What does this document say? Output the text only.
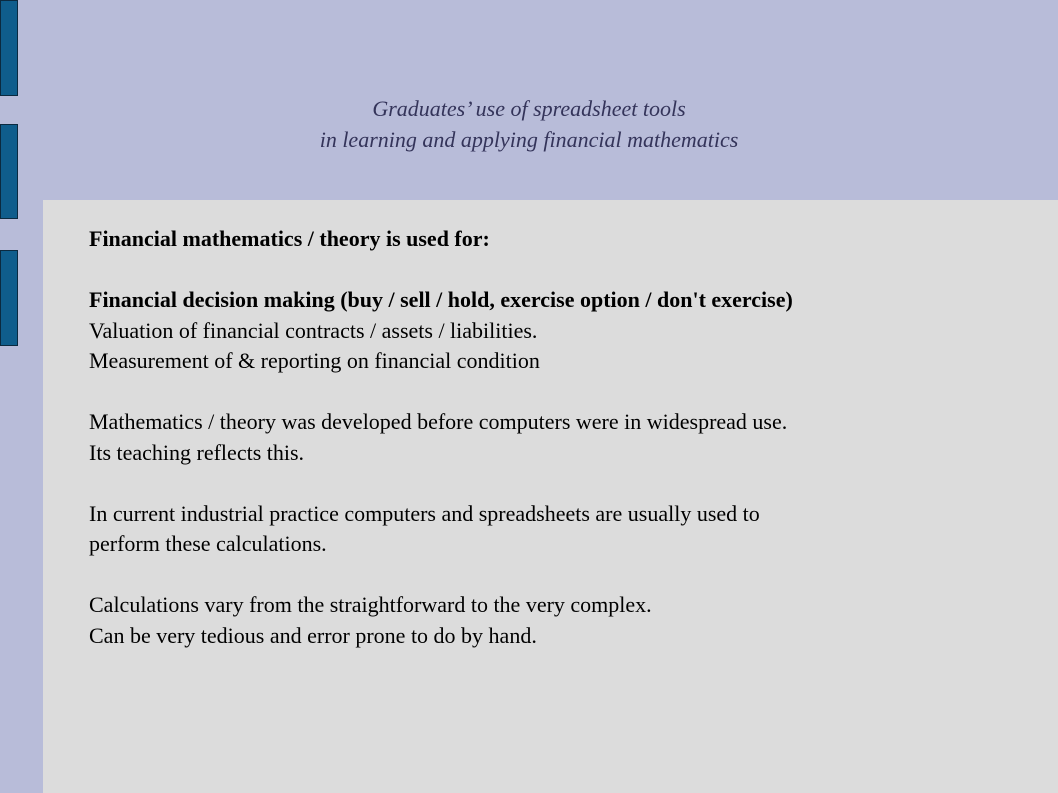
Graduates’ use of spreadsheet tools
in learning and applying financial mathematics
Financial mathematics / theory is used for:
Financial decision making (buy / sell / hold, exercise option / don't exercise)
Valuation of financial contracts / assets / liabilities.
Measurement of & reporting on financial condition
Mathematics / theory was developed before computers were in widespread use.
Its teaching reflects this.
In current industrial practice computers and spreadsheets are usually used to
perform these calculations.
Calculations vary from the straightforward to the very complex.
Can be very tedious and error prone to do by hand.
